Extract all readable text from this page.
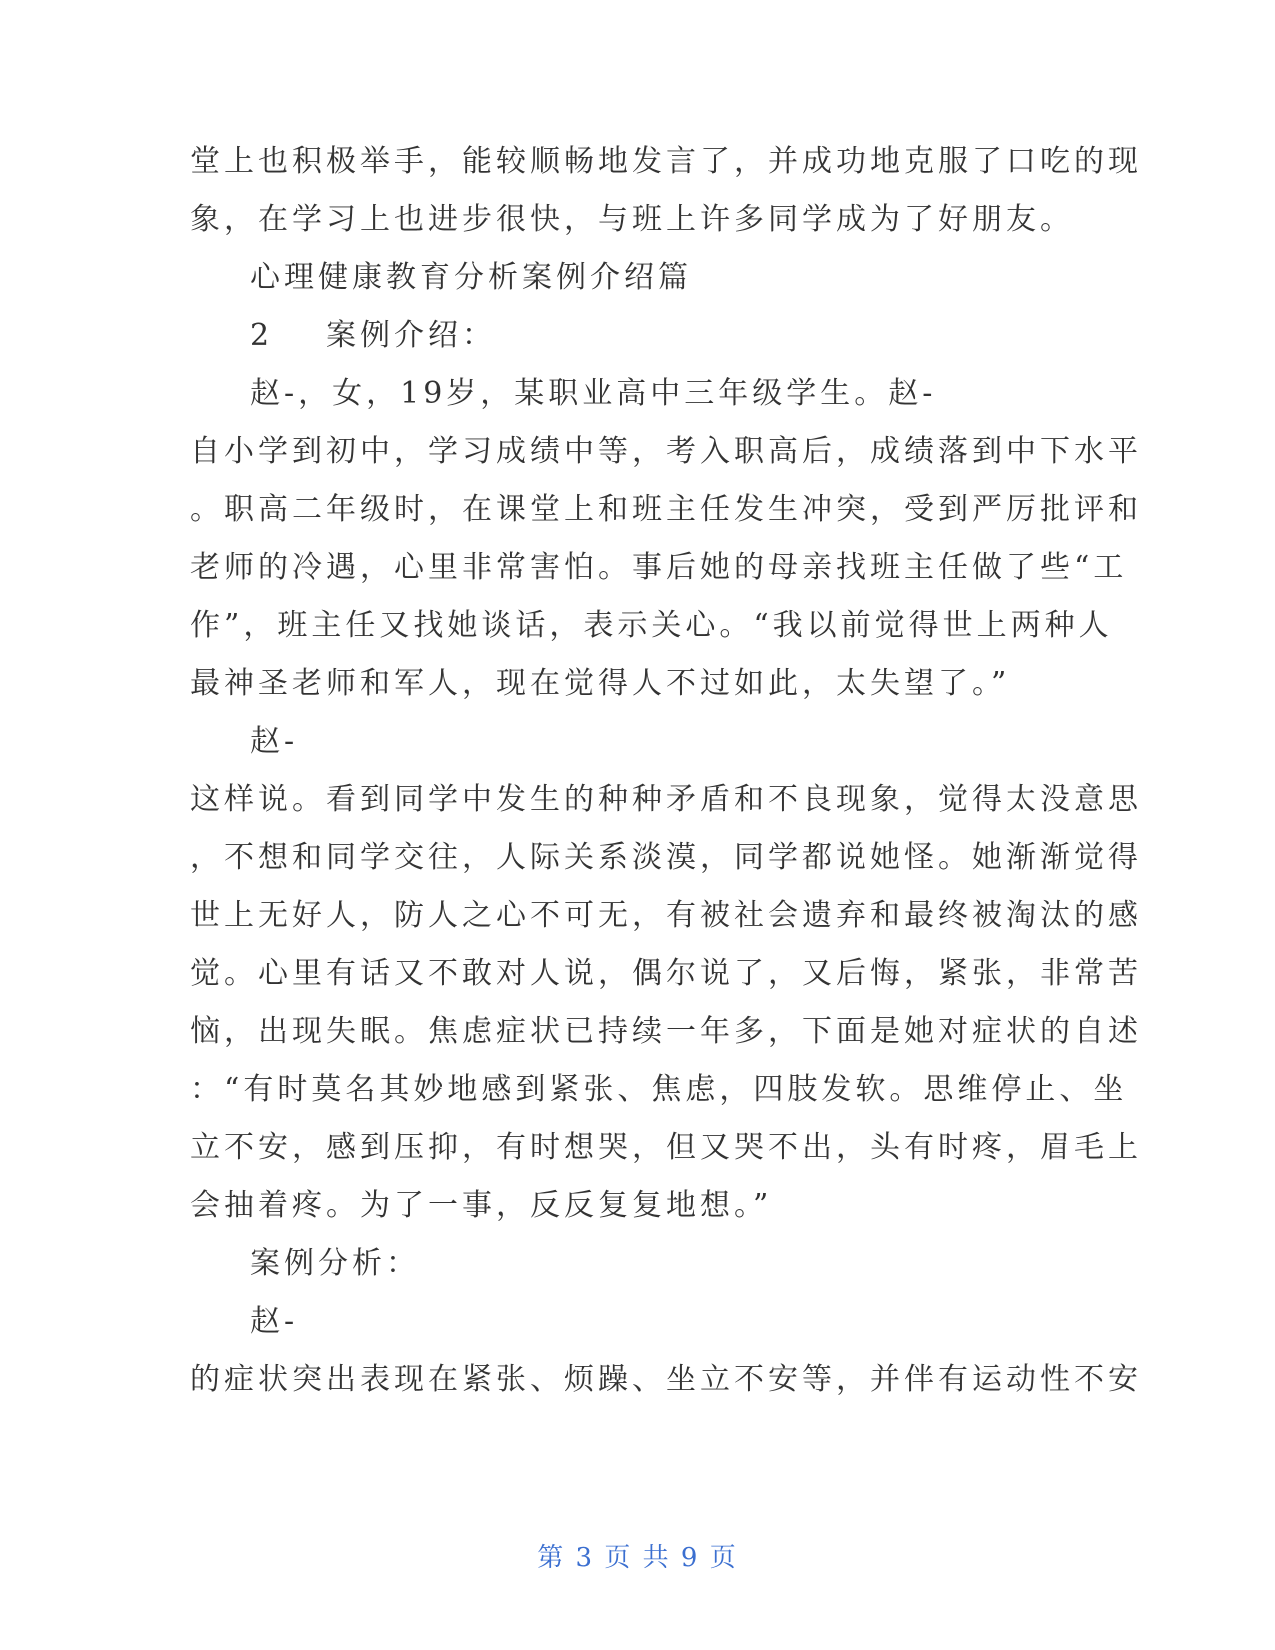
堂上也积极举手，能较顺畅地发言了，并成功地克服了口吃的现
象，在学习上也进步很快，与班上许多同学成为了好朋友。
心理健康教育分析案例介绍篇
2 案例介绍：
赵-，女，19岁，某职业高中三年级学生。赵-
自小学到初中，学习成绩中等，考入职高后，成绩落到中下水平
。职高二年级时，在课堂上和班主任发生冲突，受到严厉批评和
老师的冷遇，心里非常害怕。事后她的母亲找班主任做了些“工
作”，班主任又找她谈话，表示关心。“我以前觉得世上两种人
最神圣老师和军人，现在觉得人不过如此，太失望了。”
赵-
这样说。看到同学中发生的种种矛盾和不良现象，觉得太没意思
，不想和同学交往，人际关系淡漠，同学都说她怪。她渐渐觉得
世上无好人，防人之心不可无，有被社会遗弃和最终被淘汰的感
觉。心里有话又不敢对人说，偶尔说了，又后悔，紧张，非常苦
恼，出现失眠。焦虑症状已持续一年多，下面是她对症状的自述
：“有时莫名其妙地感到紧张、焦虑，四肢发软。思维停止、坐
立不安，感到压抑，有时想哭，但又哭不出，头有时疼，眉毛上
会抽着疼。为了一事，反反复复地想。”
案例分析：
赵-
的症状突出表现在紧张、烦躁、坐立不安等，并伴有运动性不安
第 3 页 共 9 页
